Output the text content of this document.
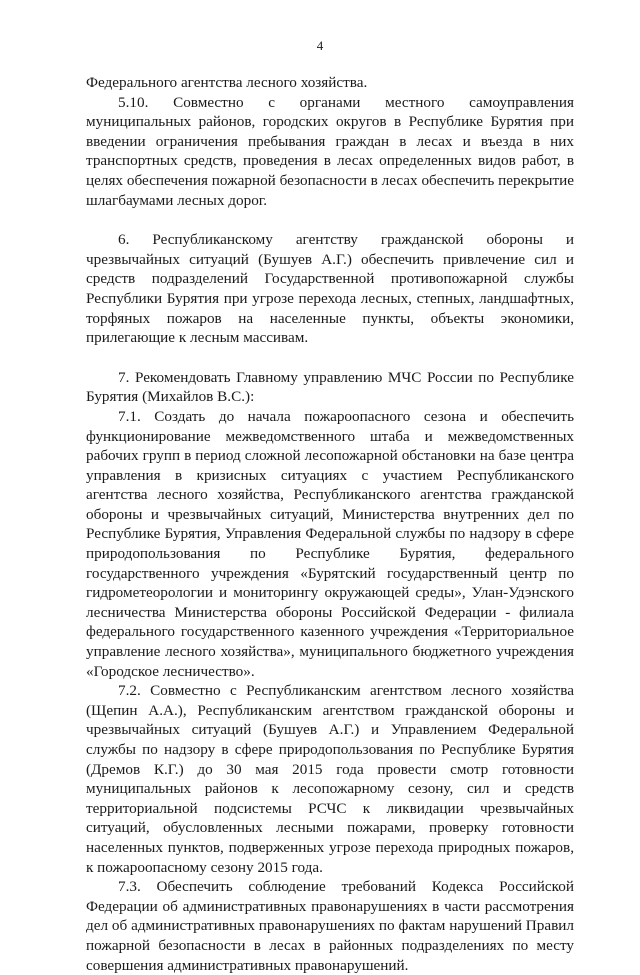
4

Федерального агентства лесного хозяйства.

5.10. Совместно с органами местного самоуправления муниципальных районов, городских округов в Республике Бурятия при введении ограничения пребывания граждан в лесах и въезда в них транспортных средств, проведения в лесах определенных видов работ, в целях обеспечения пожарной безопасности в лесах обеспечить перекрытие шлагбаумами лесных дорог.

6. Республиканскому агентству гражданской обороны и чрезвычайных ситуаций (Бушуев А.Г.) обеспечить привлечение сил и средств подразделений Государственной противопожарной службы Республики Бурятия при угрозе перехода лесных, степных, ландшафтных, торфяных пожаров на населенные пункты, объекты экономики, прилегающие к лесным массивам.

7. Рекомендовать Главному управлению МЧС России по Республике Бурятия (Михайлов В.С.):

7.1. Создать до начала пожароопасного сезона и обеспечить функционирование межведомственного штаба и межведомственных рабочих групп в период сложной лесопожарной обстановки на базе центра управления в кризисных ситуациях с участием Республиканского агентства лесного хозяйства, Республиканского агентства гражданской обороны и чрезвычайных ситуаций, Министерства внутренних дел по Республике Бурятия, Управления Федеральной службы по надзору в сфере природопользования по Республике Бурятия, федерального государственного учреждения «Бурятский государственный центр по гидрометеорологии и мониторингу окружающей среды», Улан-Удэнского лесничества Министерства обороны Российской Федерации - филиала федерального государственного казенного учреждения «Территориальное управление лесного хозяйства», муниципального бюджетного учреждения «Городское лесничество».

7.2. Совместно с Республиканским агентством лесного хозяйства (Щепин А.А.), Республиканским агентством гражданской обороны и чрезвычайных ситуаций (Бушуев А.Г.) и Управлением Федеральной службы по надзору в сфере природопользования по Республике Бурятия (Дремов К.Г.) до 30 мая 2015 года провести смотр готовности муниципальных районов к лесопожарному сезону, сил и средств территориальной подсистемы РСЧС к ликвидации чрезвычайных ситуаций, обусловленных лесными пожарами, проверку готовности населенных пунктов, подверженных угрозе перехода природных пожаров, к пожароопасному сезону 2015 года.

7.3. Обеспечить соблюдение требований Кодекса Российской Федерации об административных правонарушениях в части рассмотрения дел об административных правонарушениях по фактам нарушений Правил пожарной безопасности в лесах в районных подразделениях по месту совершения административных правонарушений.
